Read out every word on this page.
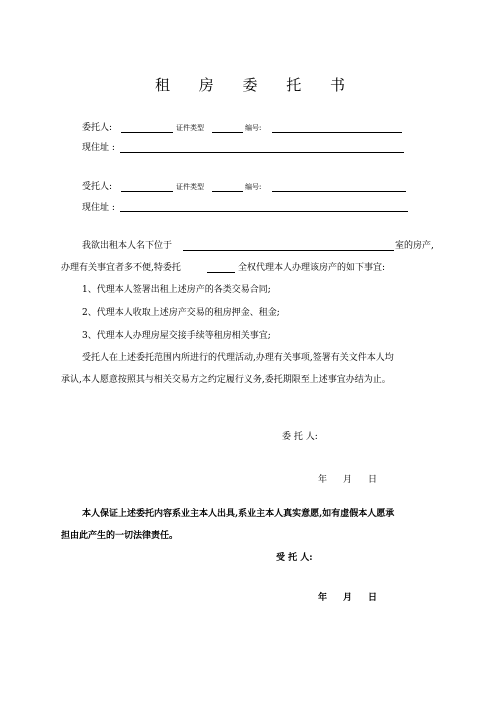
租 房 委 托 书
委托人:	证件类型	编号:
现住址 :
受托人:	证件类型	编号:
现住址 :
我欲出租本人名下位于	室的房产,
办理有关事宜者多不便,特委托	全权代理本人办理该房产的如下事宜:
1、代理本人签署出租上述房产的各类交易合同;
2、代理本人收取上述房产交易的租房押金、租金;
3、代理本人办理房屋交接手续等租房相关事宜;
受托人在上述委托范围内所进行的代理活动,办理有关事项,签署有关文件本人均
承认,本人愿意按照其与相关交易方之约定履行义务,委托期限至上述事宜办结为止。
委 托 人:
年 月 日
本人保证上述委托内容系业主本人出具,系业主本人真实意愿,如有虚假本人愿承
担由此产生的一切法律责任。
受 托 人:
年 月 日
